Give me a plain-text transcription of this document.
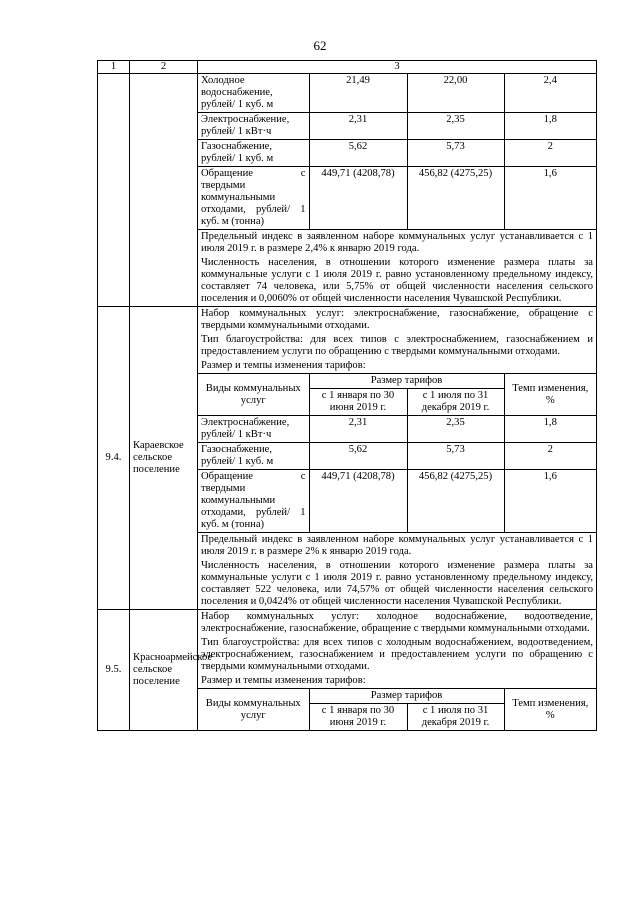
62
1	2	3

Холодное водоснабжение, рублей/ 1 куб. м	21,49	22,00	2,4
Электроснабжение, рублей/ 1 кВт·ч	2,31	2,35	1,8
Газоснабжение, рублей/ 1 куб. м	5,62	5,73	2
Обращение с твердыми коммунальными отходами, рублей/ 1 куб. м (тонна)	449,71 (4208,78)	456,82 (4275,25)	1,6
Предельный индекс в заявленном наборе коммунальных услуг устанавливается с 1 июля 2019 г. в размере 2,4% к январю 2019 года.
Численность населения, в отношении которого изменение размера платы за коммунальные услуги с 1 июля 2019 г. равно установленному предельному индексу, составляет 74 человека, или 5,75% от общей численности населения сельского поселения и 0,0060% от общей численности населения Чувашской Республики.

9.4.	Караевское сельское поселение	
Набор коммунальных услуг: электроснабжение, газоснабжение, обращение с твердыми коммунальными отходами.
Тип благоустройства: для всех типов с электроснабжением, газоснабжением и предоставлением услуги по обращению с твердыми коммунальными отходами.
Размер и темпы изменения тарифов:
Виды коммунальных услуг	Размер тарифов	Темп изменения, %
с 1 января по 30 июня 2019 г.	с 1 июля по 31 декабря 2019 г.
Электроснабжение, рублей/ 1 кВт·ч	2,31	2,35	1,8
Газоснабжение, рублей/ 1 куб. м	5,62	5,73	2
Обращение с твердыми коммунальными отходами, рублей/ 1 куб. м (тонна)	449,71 (4208,78)	456,82 (4275,25)	1,6
Предельный индекс в заявленном наборе коммунальных услуг устанавливается с 1 июля 2019 г. в размере 2% к январю 2019 года.
Численность населения, в отношении которого изменение размера платы за коммунальные услуги с 1 июля 2019 г. равно установленному предельному индексу, составляет 522 человека, или 74,57% от общей численности населения сельского поселения и 0,0424% от общей численности населения Чувашской Республики.

9.5.	Красноармейское сельское поселение	
Набор коммунальных услуг: холодное водоснабжение, водоотведение, электроснабжение, газоснабжение, обращение с твердыми коммунальными отходами.
Тип благоустройства: для всех типов с холодным водоснабжением, водоотведением, электроснабжением, газоснабжением и предоставлением услуги по обращению с твердыми коммунальными отходами.
Размер и темпы изменения тарифов:
Виды коммунальных услуг	Размер тарифов	Темп изменения, %
с 1 января по 30 июня 2019 г.	с 1 июля по 31 декабря 2019 г.
